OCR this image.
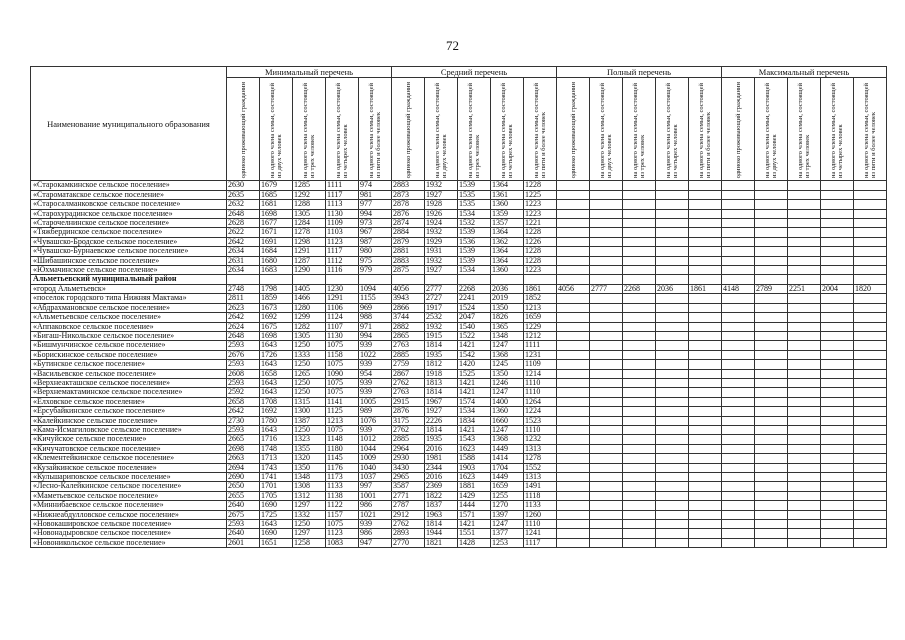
72
Наименование муниципального образования	Минимальный перечень					Средний перечень					Полный перечень					Максимальный перечень				
	одиноко проживающий гражданин	на одного члена семьи, состоящей из двух человек	на одного члена семьи, состоящей из трех человек	на одного члена семьи, состоящей из четырех человек	на одного члена семьи, состоящей из пяти и более человек	одиноко проживающий гражданин	на одного члена семьи, состоящей из двух человек	на одного члена семьи, состоящей из трех человек	на одного члена семьи, состоящей из четырех человек	на одного члена семьи, состоящей из пяти и более человек	одиноко проживающий гражданин	на одного члена семьи, состоящей из двух человек	на одного члена семьи, состоящей из трех человек	на одного члена семьи, состоящей из четырех человек	на одного члена семьи, состоящей из пяти и более человек	одиноко проживающий гражданин	на одного члена семьи, состоящей из двух человек	на одного члена семьи, состоящей из трех человек	на одного члена семьи, состоящей из четырех человек	на одного члена семьи, состоящей из пяти и более человек
«Старокамкинское сельское поселение»	2630	1679	1285	1111	974	2883	1932	1539	1364	1228										
«Староматакское сельское поселение»	2635	1685	1292	1117	981	2873	1927	1535	1361	1225										
«Старосалманковское сельское поселение»	2632	1681	1288	1113	977	2878	1928	1535	1360	1223										
«Старохурадинское сельское поселение»	2648	1698	1305	1130	994	2876	1926	1534	1359	1223										
«Старочелнинское сельское поселение»	2628	1677	1284	1109	973	2874	1924	1532	1357	1221										
«Тяжбердинское сельское поселение»	2622	1671	1278	1103	967	2884	1932	1539	1364	1228										
«Чувашско-Бродское сельское поселение»	2642	1691	1298	1123	987	2879	1929	1536	1362	1226										
«Чувашско-Бурнаевское сельское поселение»	2634	1684	1291	1117	980	2881	1931	1539	1364	1228										
«Шибашинское сельское поселение»	2631	1680	1287	1112	975	2883	1932	1539	1364	1228										
«Юхмачинское сельское поселение»	2634	1683	1290	1116	979	2875	1927	1534	1360	1223										
Альметьевский муниципальный район																				
«город Альметьевск»	2748	1798	1405	1230	1094	4056	2777	2268	2036	1861	4056	2777	2268	2036	1861	4148	2789	2251	2004	1820
«поселок городского типа Нижняя Мактама»	2811	1859	1466	1291	1155	3943	2727	2241	2019	1852										
«Абдрахмановское сельское поселение»	2623	1673	1280	1106	969	2866	1917	1524	1350	1213										
«Альметьевское сельское поселение»	2642	1692	1299	1124	988	3744	2532	2047	1826	1659										
«Аппаковское сельское поселение»	2624	1675	1282	1107	971	2882	1932	1540	1365	1229										
«Бигаш-Никольское сельское поселение»	2648	1698	1305	1130	994	2865	1915	1522	1348	1212										
«Бишмунчинское сельское поселение»	2593	1643	1250	1075	939	2763	1814	1421	1247	1111										
«Борискинское сельское поселение»	2676	1726	1333	1158	1022	2885	1935	1542	1368	1231										
«Бутинское сельское поселение»	2593	1643	1250	1075	939	2759	1812	1420	1245	1109										
«Васильевское сельское поселение»	2608	1658	1265	1090	954	2867	1918	1525	1350	1214										
«Верхнеакташское сельское поселение»	2593	1643	1250	1075	939	2762	1813	1421	1246	1110										
«Верхнемактаминское сельское поселение»	2592	1643	1250	1075	939	2763	1814	1421	1247	1110										
«Елховское сельское поселение»	2658	1708	1315	1141	1005	2915	1967	1574	1400	1264										
«Ерсубайкинское сельское поселение»	2642	1692	1300	1125	989	2876	1927	1534	1360	1224										
«Калейкинское сельское поселение»	2730	1780	1387	1213	1076	3175	2226	1834	1660	1523										
«Кама-Исмагиловское сельское поселение»	2593	1643	1250	1075	939	2762	1814	1421	1247	1110										
«Кичуйское сельское поселение»	2665	1716	1323	1148	1012	2885	1935	1543	1368	1232										
«Кичучатовское сельское поселение»	2698	1748	1355	1180	1044	2964	2016	1623	1449	1313										
«Клементейкинское сельское поселение»	2663	1713	1320	1145	1009	2930	1981	1588	1414	1278										
«Кузайкинское сельское поселение»	2694	1743	1350	1176	1040	3430	2344	1903	1704	1552										
«Кульшариповское сельское поселение»	2690	1741	1348	1173	1037	2965	2016	1623	1449	1313										
«Лесно-Калейкинское сельское поселение»	2650	1701	1308	1133	997	3587	2369	1881	1659	1491										
«Маметьевское сельское поселение»	2655	1705	1312	1138	1001	2771	1822	1429	1255	1118										
«Миннибаевское сельское поселение»	2640	1690	1297	1122	986	2787	1837	1444	1270	1133										
«Нижнеабдулловское сельское поселение»	2675	1725	1332	1157	1021	2912	1963	1571	1397	1260										
«Новокашировское сельское поселение»	2593	1643	1250	1075	939	2762	1814	1421	1247	1110										
«Новонадыровское сельское поселение»	2640	1690	1297	1123	986	2893	1944	1551	1377	1241										
«Новоникольское сельское поселение»	2601	1651	1258	1083	947	2770	1821	1428	1253	1117										
